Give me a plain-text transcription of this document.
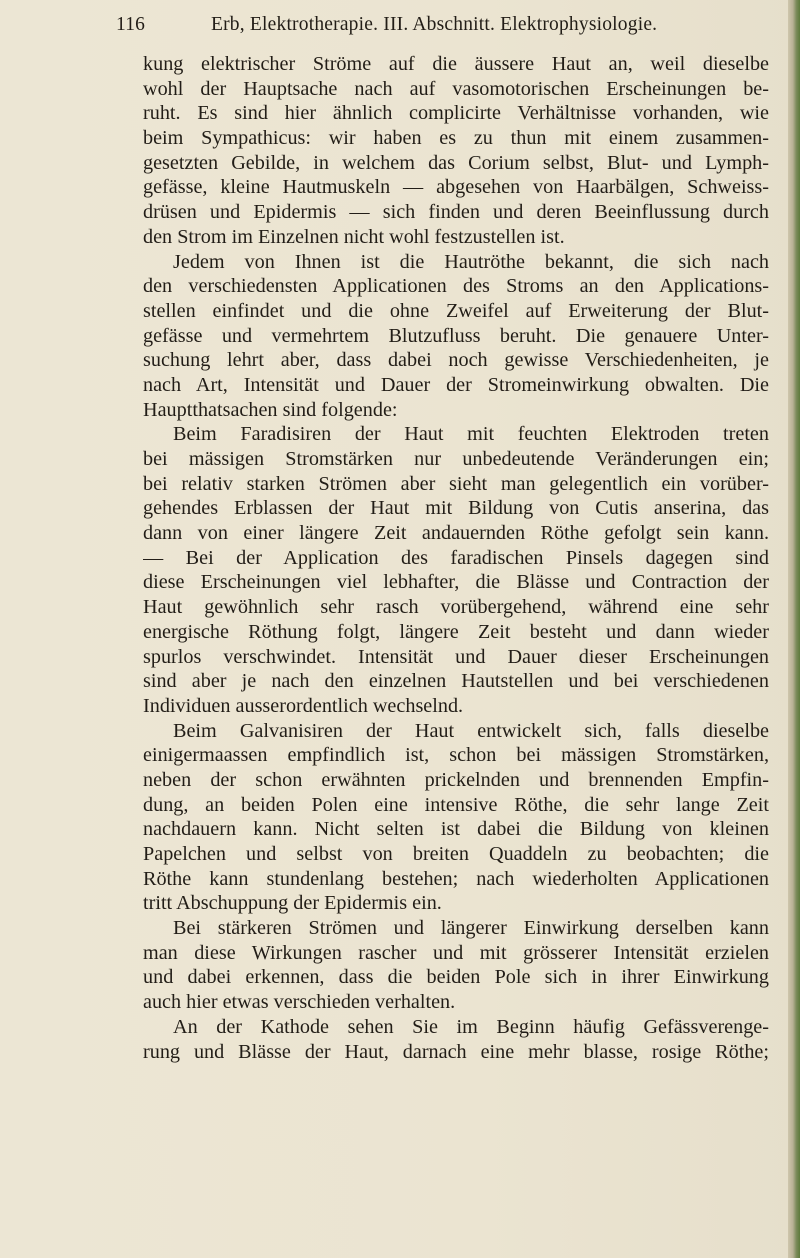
116	Erb, Elektrotherapie. III. Abschnitt. Elektrophysiologie.
kung elektrischer Ströme auf die äussere Haut an, weil dieselbe
wohl der Hauptsache nach auf vasomotorischen Erscheinungen be-
ruht. Es sind hier ähnlich complicirte Verhältnisse vorhanden, wie
beim Sympathicus: wir haben es zu thun mit einem zusammen-
gesetzten Gebilde, in welchem das Corium selbst, Blut- und Lymph-
gefässe, kleine Hautmuskeln — abgesehen von Haarbälgen, Schweiss-
drüsen und Epidermis — sich finden und deren Beeinflussung durch
den Strom im Einzelnen nicht wohl festzustellen ist.
Jedem von Ihnen ist die Hautröthe bekannt, die sich nach
den verschiedensten Applicationen des Stroms an den Applications-
stellen einfindet und die ohne Zweifel auf Erweiterung der Blut-
gefässe und vermehrtem Blutzufluss beruht. Die genauere Unter-
suchung lehrt aber, dass dabei noch gewisse Verschiedenheiten, je
nach Art, Intensität und Dauer der Stromeinwirkung obwalten. Die
Hauptthatsachen sind folgende:
Beim Faradisiren der Haut mit feuchten Elektroden treten
bei mässigen Stromstärken nur unbedeutende Veränderungen ein;
bei relativ starken Strömen aber sieht man gelegentlich ein vorüber-
gehendes Erblassen der Haut mit Bildung von Cutis anserina, das
dann von einer längere Zeit andauernden Röthe gefolgt sein kann.
— Bei der Application des faradischen Pinsels dagegen sind
diese Erscheinungen viel lebhafter, die Blässe und Contraction der
Haut gewöhnlich sehr rasch vorübergehend, während eine sehr
energische Röthung folgt, längere Zeit besteht und dann wieder
spurlos verschwindet. Intensität und Dauer dieser Erscheinungen
sind aber je nach den einzelnen Hautstellen und bei verschiedenen
Individuen ausserordentlich wechselnd.
Beim Galvanisiren der Haut entwickelt sich, falls dieselbe
einigermaassen empfindlich ist, schon bei mässigen Stromstärken,
neben der schon erwähnten prickelnden und brennenden Empfin-
dung, an beiden Polen eine intensive Röthe, die sehr lange Zeit
nachdauern kann. Nicht selten ist dabei die Bildung von kleinen
Papelchen und selbst von breiten Quaddeln zu beobachten; die
Röthe kann stundenlang bestehen; nach wiederholten Applicationen
tritt Abschuppung der Epidermis ein.
Bei stärkeren Strömen und längerer Einwirkung derselben kann
man diese Wirkungen rascher und mit grösserer Intensität erzielen
und dabei erkennen, dass die beiden Pole sich in ihrer Einwirkung
auch hier etwas verschieden verhalten.
An der Kathode sehen Sie im Beginn häufig Gefässverenge-
rung und Blässe der Haut, darnach eine mehr blasse, rosige Röthe;
